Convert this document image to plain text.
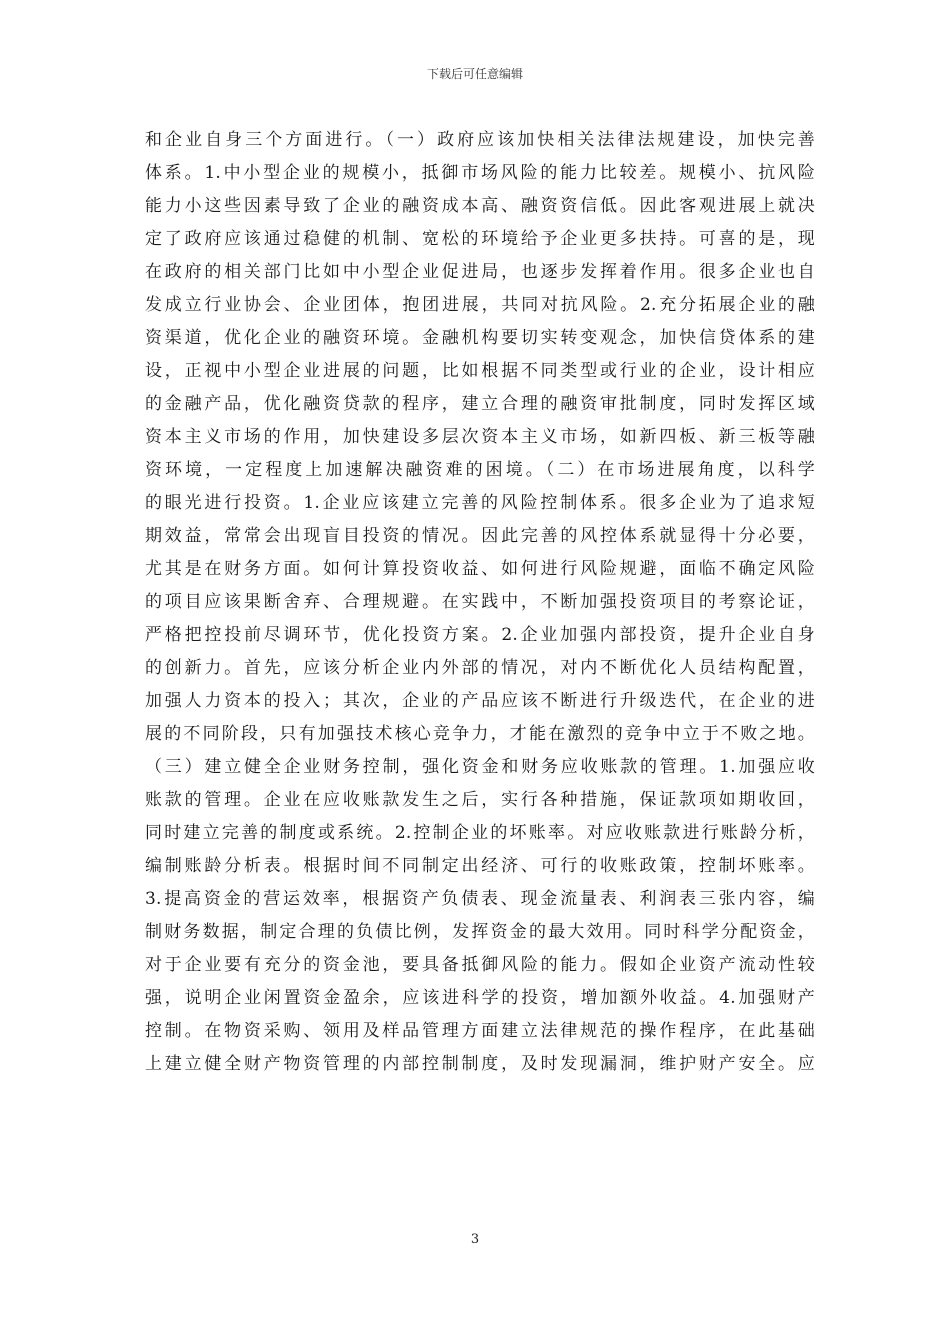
下载后可任意编辑
和企业自身三个方面进行。（一）政府应该加快相关法律法规建设，加快完善
体系。1.中小型企业的规模小，抵御市场风险的能力比较差。规模小、抗风险
能力小这些因素导致了企业的融资成本高、融资资信低。因此客观进展上就决
定了政府应该通过稳健的机制、宽松的环境给予企业更多扶持。可喜的是，现
在政府的相关部门比如中小型企业促进局，也逐步发挥着作用。很多企业也自
发成立行业协会、企业团体，抱团进展，共同对抗风险。2.充分拓展企业的融
资渠道，优化企业的融资环境。金融机构要切实转变观念，加快信贷体系的建
设，正视中小型企业进展的问题，比如根据不同类型或行业的企业，设计相应
的金融产品，优化融资贷款的程序，建立合理的融资审批制度，同时发挥区域
资本主义市场的作用，加快建设多层次资本主义市场，如新四板、新三板等融
资环境，一定程度上加速解决融资难的困境。（二）在市场进展角度，以科学
的眼光进行投资。1.企业应该建立完善的风险控制体系。很多企业为了追求短
期效益，常常会出现盲目投资的情况。因此完善的风控体系就显得十分必要，
尤其是在财务方面。如何计算投资收益、如何进行风险规避，面临不确定风险
的项目应该果断舍弃、合理规避。在实践中，不断加强投资项目的考察论证，
严格把控投前尽调环节，优化投资方案。2.企业加强内部投资，提升企业自身
的创新力。首先，应该分析企业内外部的情况，对内不断优化人员结构配置，
加强人力资本的投入；其次，企业的产品应该不断进行升级迭代，在企业的进
展的不同阶段，只有加强技术核心竞争力，才能在激烈的竞争中立于不败之地。
（三）建立健全企业财务控制，强化资金和财务应收账款的管理。1.加强应收
账款的管理。企业在应收账款发生之后，实行各种措施，保证款项如期收回，
同时建立完善的制度或系统。2.控制企业的坏账率。对应收账款进行账龄分析，
编制账龄分析表。根据时间不同制定出经济、可行的收账政策，控制坏账率。
3.提高资金的营运效率，根据资产负债表、现金流量表、利润表三张内容，编
制财务数据，制定合理的负债比例，发挥资金的最大效用。同时科学分配资金，
对于企业要有充分的资金池，要具备抵御风险的能力。假如企业资产流动性较
强，说明企业闲置资金盈余，应该进科学的投资，增加额外收益。4.加强财产
控制。在物资采购、领用及样品管理方面建立法律规范的操作程序，在此基础
上建立健全财产物资管理的内部控制制度，及时发现漏洞，维护财产安全。应
3
